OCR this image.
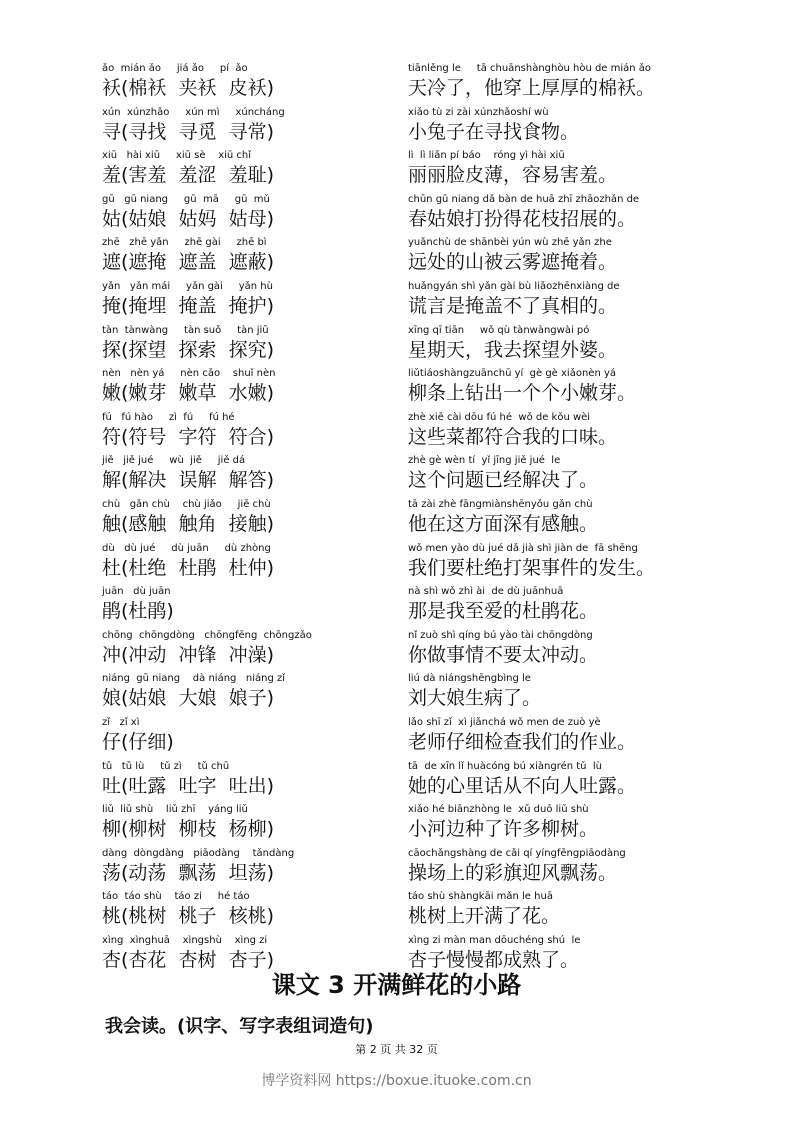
ǎo  mián ǎo     jiá ǎo     pí  ǎo
袄(棉袄  夹袄  皮袄)
tiānlěng le     tā chuānshànghòu hòu de mián ǎo
天冷了，他穿上厚厚的棉袄。
xún  xúnzhǎo     xún mì     xúncháng
寻(寻找  寻觅  寻常)
xiǎo tù zi zài xúnzhǎoshí wù
小兔子在寻找食物。
xiū   hài xiū     xiū sè    xiū chǐ
羞(害羞  羞涩  羞耻)
lì  lì liǎn pí báo    róng yì hài xiū
丽丽脸皮薄，容易害羞。
gū   gū niang     gū  mā     gū  mǔ
姑(姑娘  姑妈  姑母)
chūn gū niang dǎ bàn de huā zhī zhāozhǎn de
春姑娘打扮得花枝招展的。
zhē   zhē yǎn     zhē gài     zhē bì
遮(遮掩  遮盖  遮蔽)
yuǎnchù de shānbèi yún wù zhē yǎn zhe
远处的山被云雾遮掩着。
yǎn   yǎn mái     yǎn gài     yǎn hù
掩(掩埋  掩盖  掩护)
huǎngyán shì yǎn gài bù liǎozhēnxiàng de
谎言是掩盖不了真相的。
tàn  tànwàng     tàn suǒ     tàn jiū
探(探望  探索  探究)
xīng qī tiān     wǒ qù tànwàngwài pó
星期天，我去探望外婆。
nèn   nèn yá     nèn cǎo    shuǐ nèn
嫩(嫩芽  嫩草  水嫩)
liǔtiáoshàngzuānchū yí  gè gè xiǎonèn yá
柳条上钻出一个个小嫩芽。
fú   fú hào     zì  fú     fú hé
符(符号  字符  符合)
zhè xiē cài dōu fú hé  wǒ de kǒu wèi
这些菜都符合我的口味。
jiě   jiě jué     wù  jiě     jiě dá
解(解决  误解  解答)
zhè gè wèn tí  yǐ jīng jiě jué  le
这个问题已经解决了。
chù   gǎn chù    chù jiǎo     jiē chù
触(感触  触角  接触)
tā zài zhè fāngmiànshēnyǒu gǎn chù
他在这方面深有感触。
dù   dù jué     dù juān     dù zhòng
杜(杜绝  杜鹃  杜仲)
wǒ men yào dù jué dǎ jià shì jiàn de  fā shēng
我们要杜绝打架事件的发生。
juān   dù juān
鹃(杜鹃)
nà shì wǒ zhì ài  de dù juānhuā
那是我至爱的杜鹃花。
chōng  chōngdòng   chōngfēng  chōngzǎo
冲(冲动  冲锋  冲澡)
nǐ zuò shì qíng bú yào tài chōngdòng
你做事情不要太冲动。
niáng  gū niang    dà niáng   niáng zǐ
娘(姑娘  大娘  娘子)
liú dà niángshēngbìng le
刘大娘生病了。
zǐ   zǐ xì
仔(仔细)
lǎo shī zǐ  xì jiǎnchá wǒ men de zuò yè
老师仔细检查我们的作业。
tǔ   tǔ lù     tǔ zì     tǔ chū
吐(吐露  吐字  吐出)
tā  de xīn lǐ huàcóng bú xiàngrén tǔ  lù
她的心里话从不向人吐露。
liǔ  liǔ shù    liǔ zhī    yáng liǔ
柳(柳树  柳枝  杨柳)
xiǎo hé biānzhòng le  xǔ duō liǔ shù
小河边种了许多柳树。
dàng  dòngdàng   piāodàng    tǎndàng
荡(动荡  飘荡  坦荡)
cāochǎngshàng de cǎi qí yíngfēngpiāodàng
操场上的彩旗迎风飘荡。
táo  táo shù    táo zi     hé táo
桃(桃树  桃子  核桃)
táo shù shàngkāi mǎn le huā
桃树上开满了花。
xìng  xìnghuā    xìngshù    xìng zi
杏(杏花  杏树  杏子)
xìng zi màn man dōuchéng shú  le
杏子慢慢都成熟了。
课文 3 开满鲜花的小路
我会读。(识字、写字表组词造句)
第 2 页 共 32 页
博学资料网 https://boxue.ituoke.com.cn
